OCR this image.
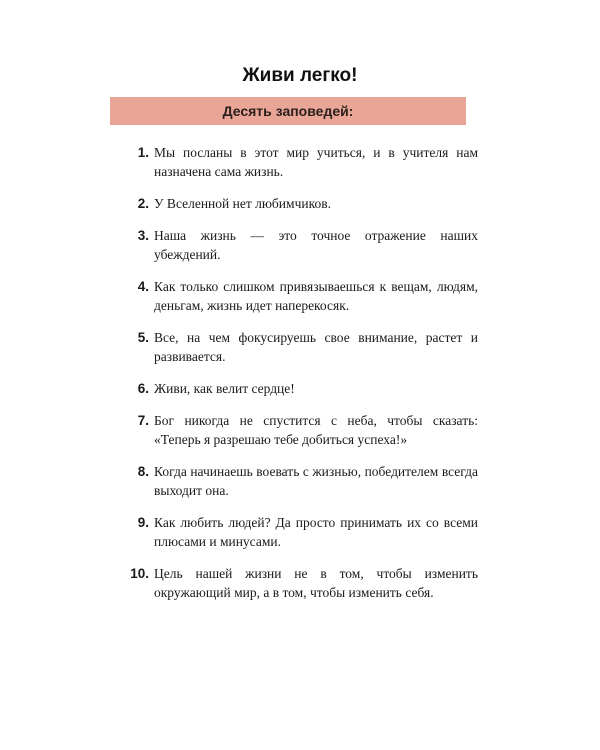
Живи легко!
Десять заповедей:
1. Мы посланы в этот мир учиться, и в учителя нам назначена сама жизнь.
2. У Вселенной нет любимчиков.
3. Наша жизнь — это точное отражение наших убеждений.
4. Как только слишком привязываешься к вещам, людям, деньгам, жизнь идет наперекосяк.
5. Все, на чем фокусируешь свое внимание, растет и развивается.
6. Живи, как велит сердце!
7. Бог никогда не спустится с неба, чтобы сказать: «Теперь я разрешаю тебе добиться успеха!»
8. Когда начинаешь воевать с жизнью, победителем всегда выходит она.
9. Как любить людей? Да просто принимать их со всеми плюсами и минусами.
10. Цель нашей жизни не в том, чтобы изменить окружающий мир, а в том, чтобы изменить себя.
